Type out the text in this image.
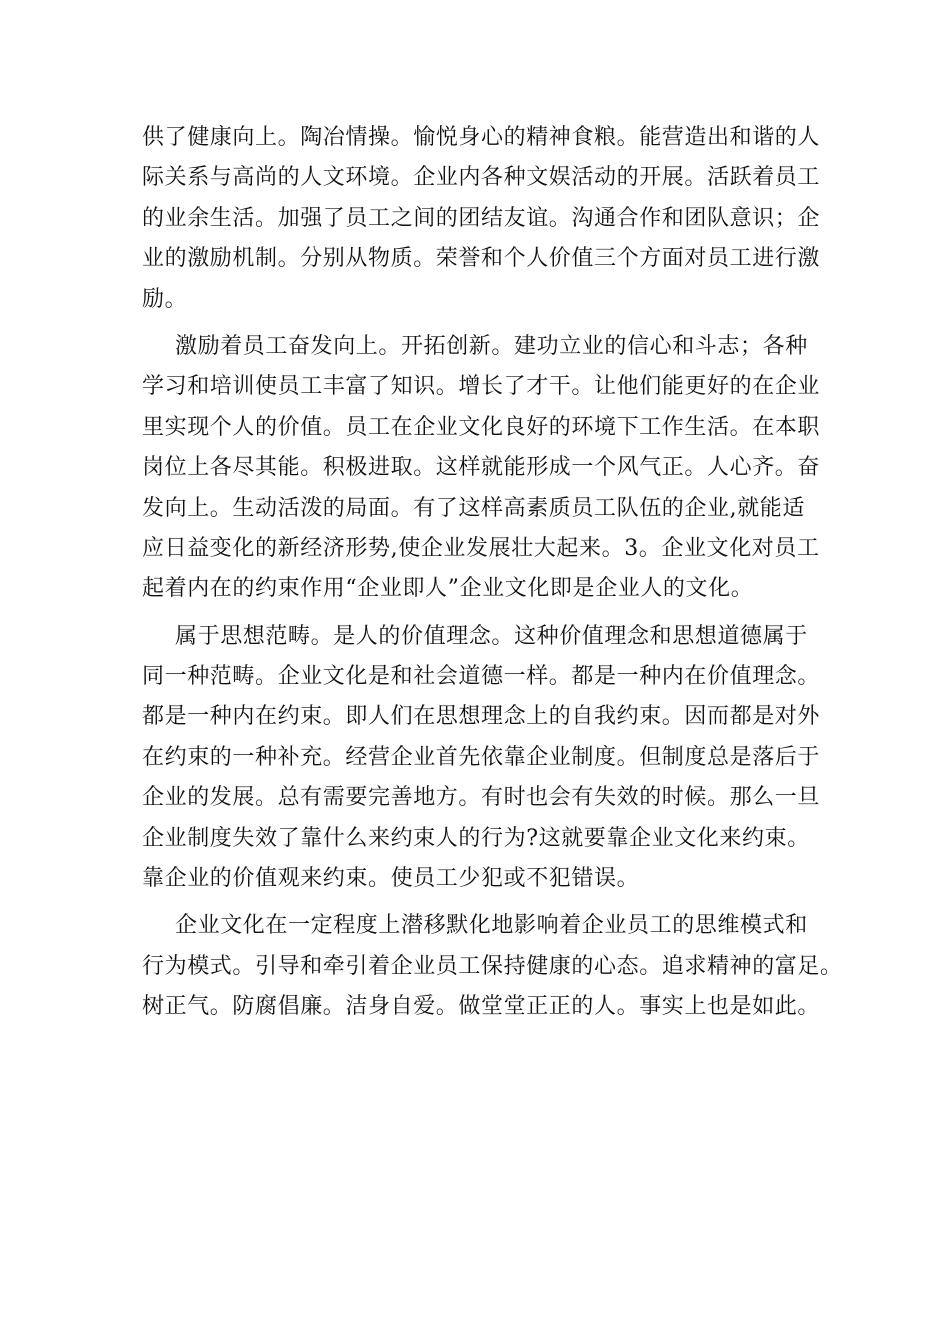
供了健康向上。陶冶情操。愉悦身心的精神食粮。能营造出和谐的人
际关系与高尚的人文环境。企业内各种文娱活动的开展。活跃着员工
的业余生活。加强了员工之间的团结友谊。沟通合作和团队意识；企
业的激励机制。分别从物质。荣誉和个人价值三个方面对员工进行激
励。
激励着员工奋发向上。开拓创新。建功立业的信心和斗志；各种
学习和培训使员工丰富了知识。增长了才干。让他们能更好的在企业
里实现个人的价值。员工在企业文化良好的环境下工作生活。在本职
岗位上各尽其能。积极进取。这样就能形成一个风气正。人心齐。奋
发向上。生动活泼的局面。有了这样高素质员工队伍的企业,就能适
应日益变化的新经济形势,使企业发展壮大起来。3。企业文化对员工
起着内在的约束作用“企业即人”企业文化即是企业人的文化。
属于思想范畴。是人的价值理念。这种价值理念和思想道德属于
同一种范畴。企业文化是和社会道德一样。都是一种内在价值理念。
都是一种内在约束。即人们在思想理念上的自我约束。因而都是对外
在约束的一种补充。经营企业首先依靠企业制度。但制度总是落后于
企业的发展。总有需要完善地方。有时也会有失效的时候。那么一旦
企业制度失效了靠什么来约束人的行为?这就要靠企业文化来约束。
靠企业的价值观来约束。使员工少犯或不犯错误。
企业文化在一定程度上潜移默化地影响着企业员工的思维模式和
行为模式。引导和牵引着企业员工保持健康的心态。追求精神的富足。
树正气。防腐倡廉。洁身自爱。做堂堂正正的人。事实上也是如此。
